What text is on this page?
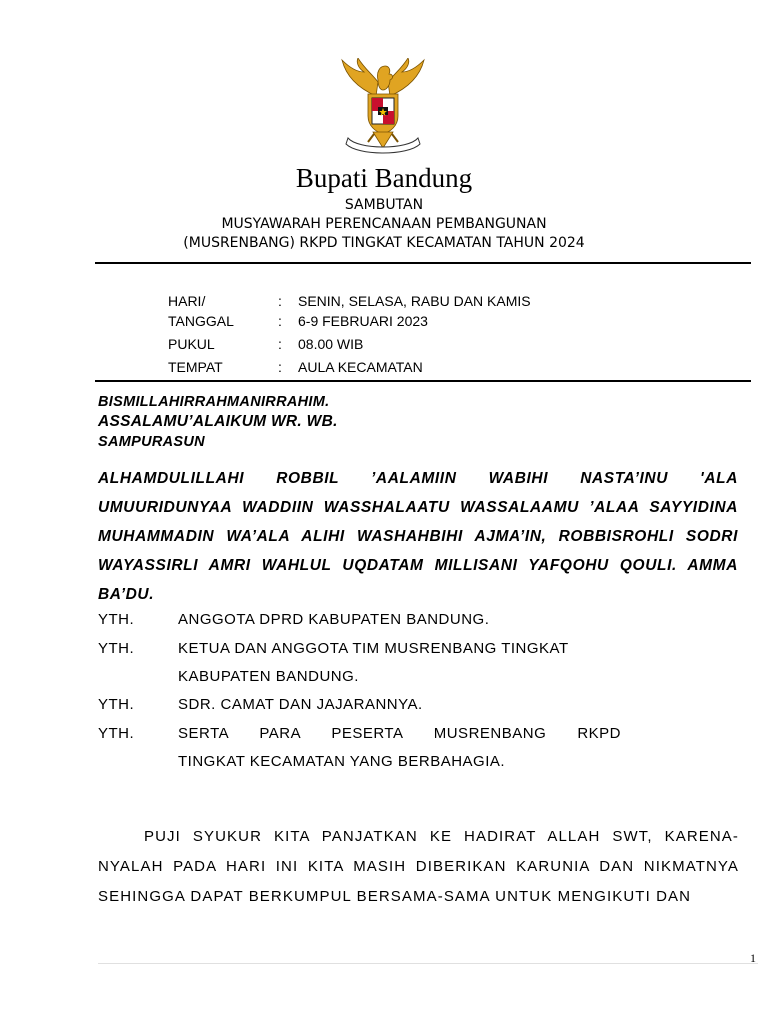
Bupati Bandung
SAMBUTAN
MUSYAWARAH PERENCANAAN PEMBANGUNAN
(MUSRENBANG) RKPD TINGKAT KECAMATAN TAHUN 2024
HARI/	:	SENIN, SELASA, RABU DAN KAMIS
TANGGAL	:	6-9 FEBRUARI 2023
PUKUL	:	08.00 WIB
TEMPAT	:	AULA KECAMATAN
BISMILLAHIRRAHMANIRRAHIM.
ASSALAMU’ALAIKUM WR. WB.
SAMPURASUN
ALHAMDULILLAHI ROBBIL ’AALAMIIN WABIHI NASTA’INU 'ALA UMUURIDUNYAA WADDIIN WASSHALAATU WASSALAAMU ’ALAA SAYYIDINA MUHAMMADIN WA’ALA ALIHI WASHAHBIHI AJMA’IN, ROBBISROHLI SODRI WAYASSIRLI AMRI WAHLUL UQDATAM MILLISANI YAFQOHU QOULI. AMMA BA’DU.
YTH.	ANGGOTA DPRD KABUPATEN BANDUNG.
YTH.	KETUA DAN ANGGOTA TIM MUSRENBANG TINGKAT
KABUPATEN BANDUNG.
YTH.	SDR. CAMAT DAN JAJARANNYA.
YTH.	SERTA PARA PESERTA MUSRENBANG RKPD
TINGKAT KECAMATAN YANG BERBAHAGIA.
PUJI SYUKUR KITA PANJATKAN KE HADIRAT ALLAH SWT, KARENA-NYALAH PADA HARI INI KITA MASIH DIBERIKAN KARUNIA DAN NIKMATNYA SEHINGGA DAPAT BERKUMPUL BERSAMA-SAMA UNTUK MENGIKUTI DAN
1
